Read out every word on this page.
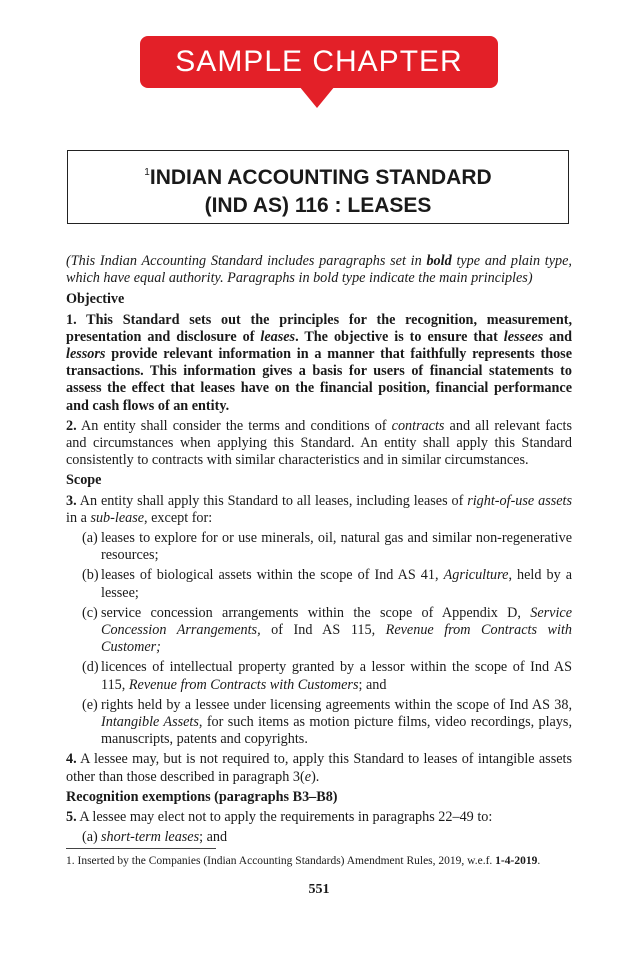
SAMPLE CHAPTER
$^1$INDIAN ACCOUNTING STANDARD
(IND AS) 116 : LEASES

(This Indian Accounting Standard includes paragraphs set in bold type and plain type, which have equal authority. Paragraphs in bold type indicate the main principles)

Objective

1. This Standard sets out the principles for the recognition, measurement, presentation and disclosure of leases. The objective is to ensure that lessees and lessors provide relevant information in a manner that faithfully represents those transactions. This information gives a basis for users of financial statements to assess the effect that leases have on the financial position, financial performance and cash flows of an entity.

2. An entity shall consider the terms and conditions of contracts and all relevant facts and circumstances when applying this Standard. An entity shall apply this Standard consistently to contracts with similar characteristics and in similar circumstances.

Scope

3. An entity shall apply this Standard to all leases, including leases of right-of-use assets in a sub-lease, except for:

(a) leases to explore for or use minerals, oil, natural gas and similar non-regenerative resources;

(b) leases of biological assets within the scope of Ind AS 41, Agriculture, held by a lessee;

(c) service concession arrangements within the scope of Appendix D, Service Concession Arrangements, of Ind AS 115, Revenue from Contracts with Customer;

(d) licences of intellectual property granted by a lessor within the scope of Ind AS 115, Revenue from Contracts with Customers; and

(e) rights held by a lessee under licensing agreements within the scope of Ind AS 38, Intangible Assets, for such items as motion picture films, video recordings, plays, manuscripts, patents and copyrights.

4. A lessee may, but is not required to, apply this Standard to leases of intangible assets other than those described in paragraph 3(e).

Recognition exemptions (paragraphs B3–B8)

5. A lessee may elect not to apply the requirements in paragraphs 22–49 to:

(a) short-term leases; and

1. Inserted by the Companies (Indian Accounting Standards) Amendment Rules, 2019, w.e.f. 1-4-2019.
551
